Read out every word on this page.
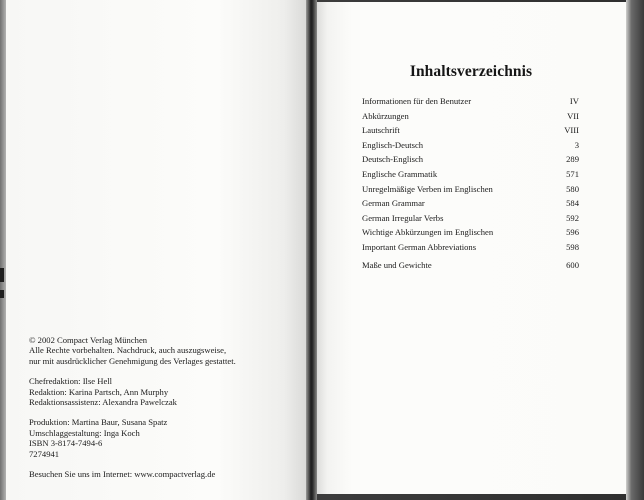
© 2002 Compact Verlag München

Alle Rechte vorbehalten. Nachdruck, auch auszugsweise,

nur mit ausdrücklicher Genehmigung des Verlages gestattet.

Chefredaktion: Ilse Hell

Redaktion: Karina Partsch, Ann Murphy

Redaktionsassistenz: Alexandra Pawelczak

Produktion: Martina Baur, Susana Spatz

Umschlaggestaltung: Inga Koch

ISBN 3-8174-7494-6

7274941

Besuchen Sie uns im Internet: www.compactverlag.de

Inhaltsverzeichnis
Informationen für den Benutzer	IV
Abkürzungen	VII
Lautschrift	VIII
Englisch-Deutsch	3
Deutsch-Englisch	289
Englische Grammatik	571
Unregelmäßige Verben im Englischen	580
German Grammar	584
German Irregular Verbs	592
Wichtige Abkürzungen im Englischen	596
Important German Abbreviations	598
Maße und Gewichte	600
